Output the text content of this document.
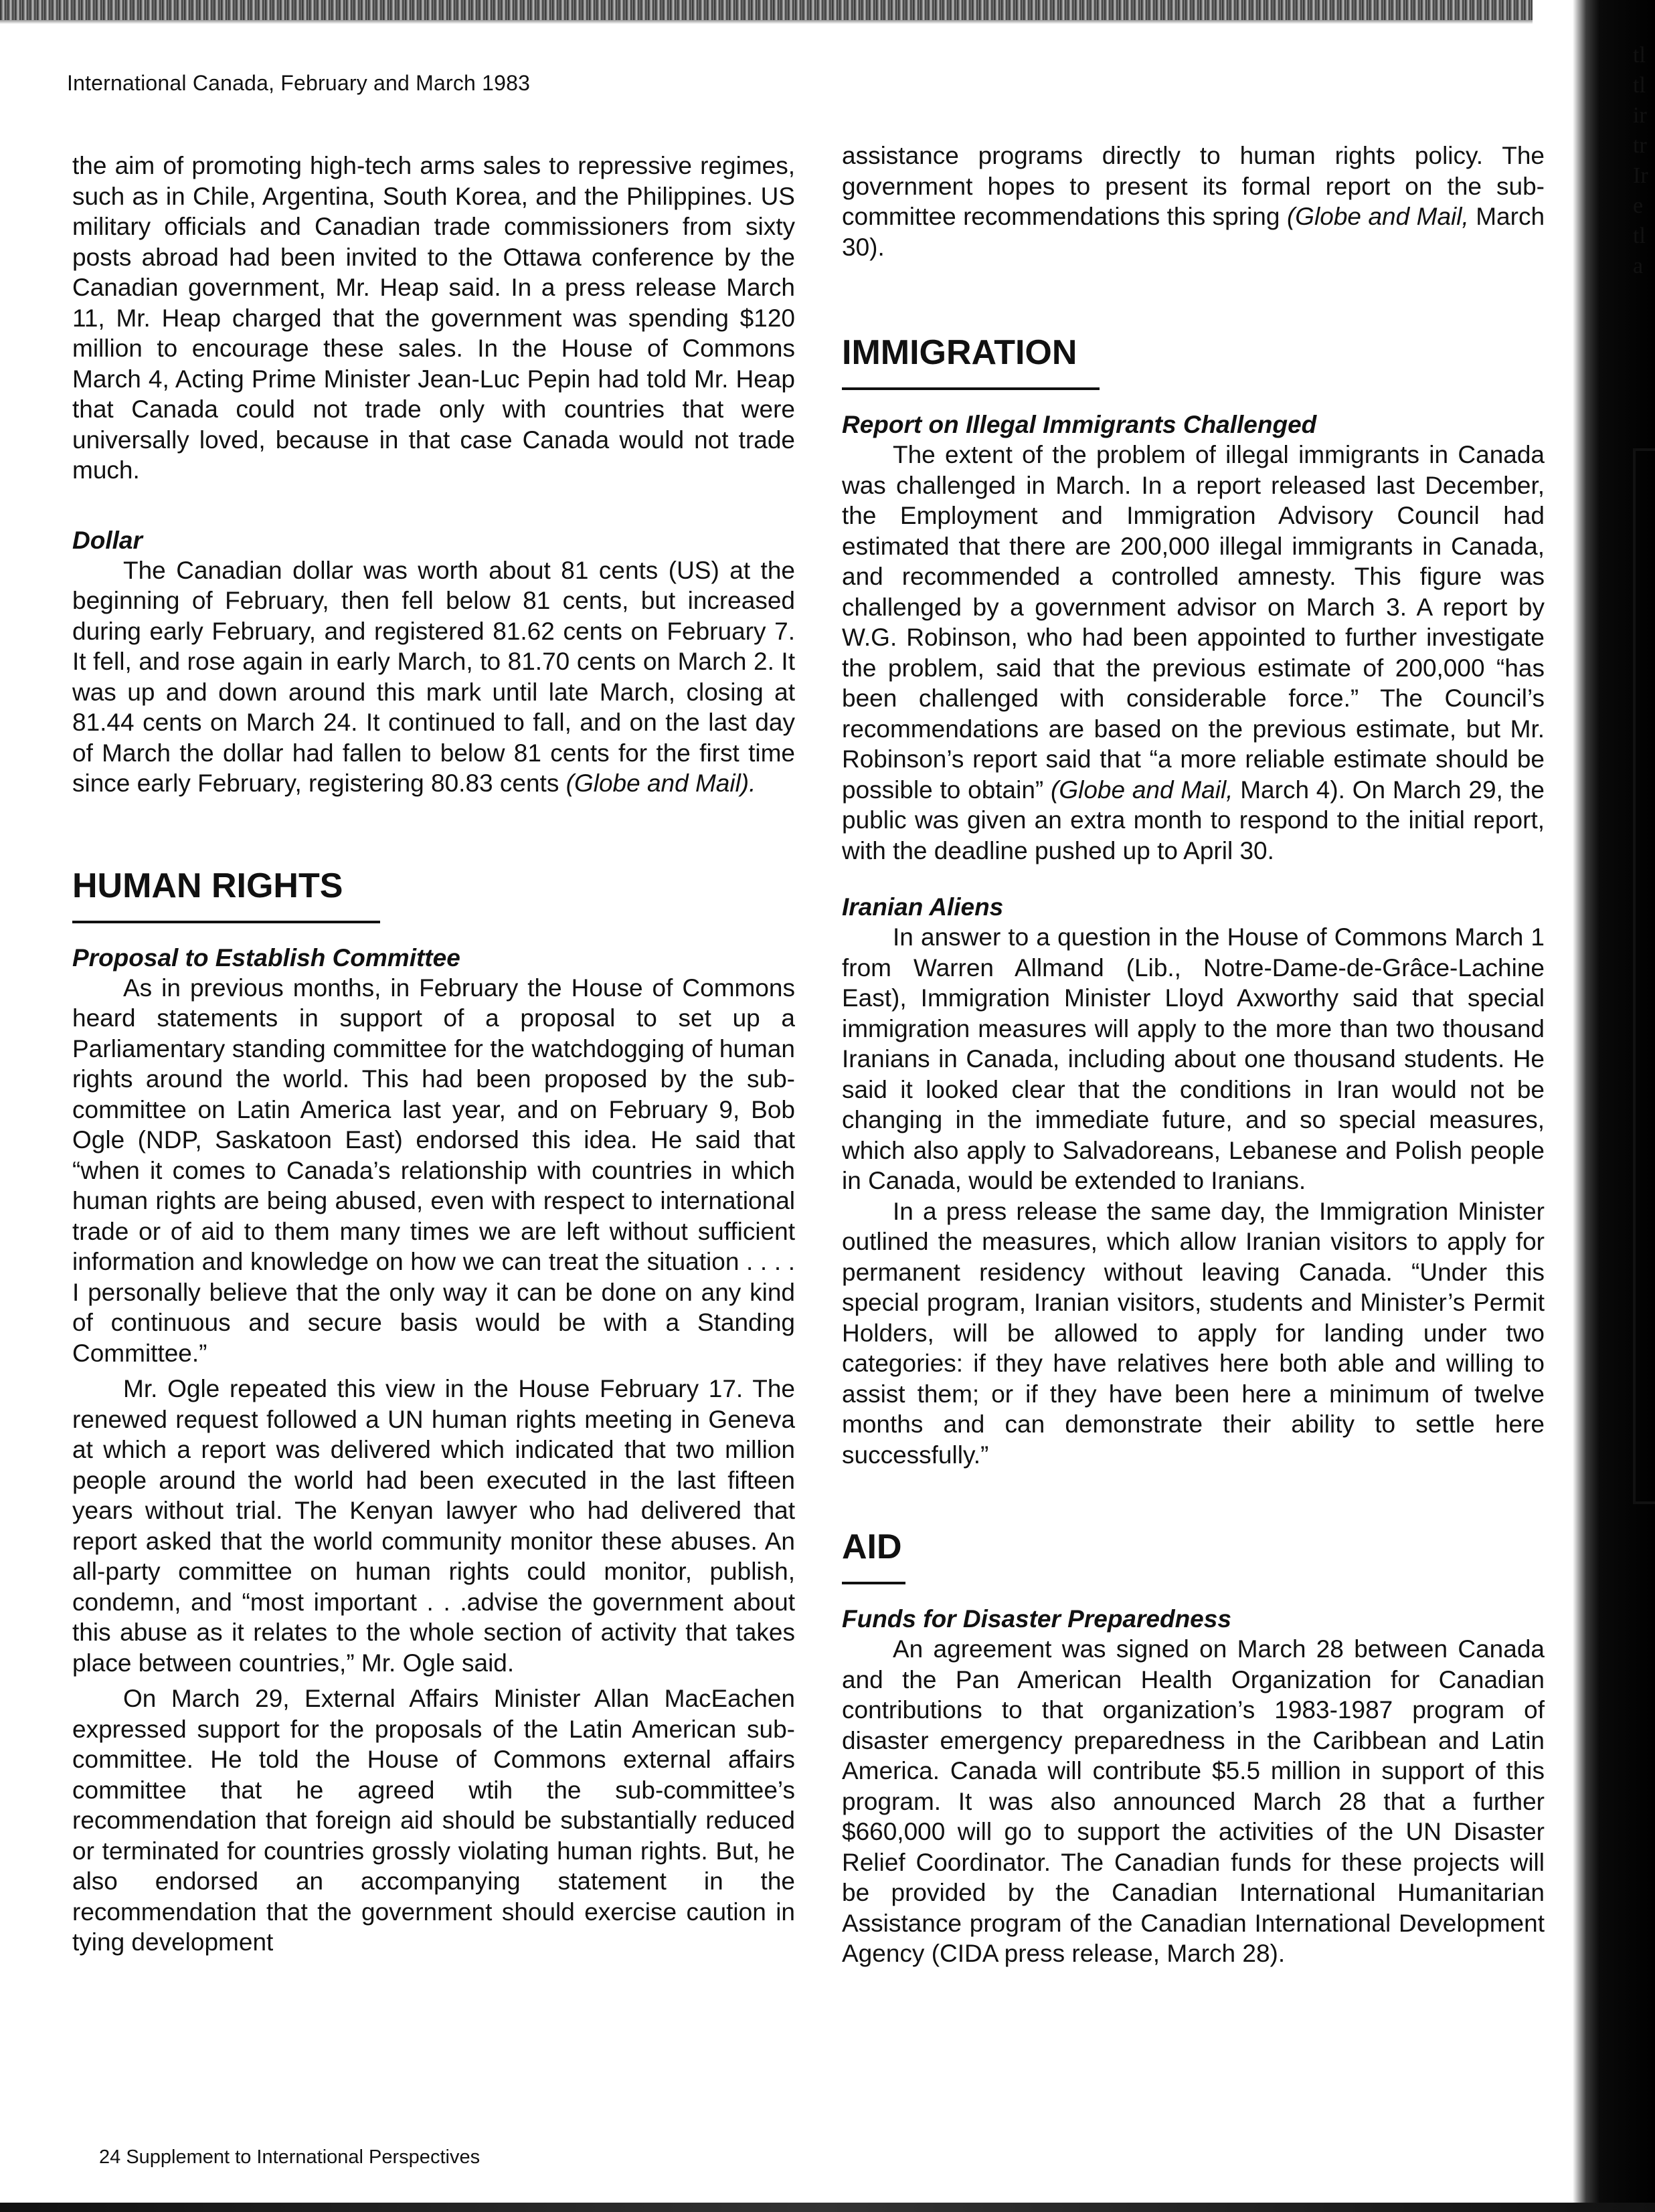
tl
tl
ir
tr
Ir
e
tl
a
International Canada, February and March 1983

the aim of promoting high-tech arms sales to repressive regimes, such as in Chile, Argentina, South Korea, and the Philippines. US military officials and Canadian trade commissioners from sixty posts abroad had been invited to the Ottawa conference by the Canadian government, Mr. Heap said. In a press release March 11, Mr. Heap charged that the government was spending $120 million to encourage these sales. In the House of Commons March 4, Acting Prime Minister Jean-Luc Pepin had told Mr. Heap that Canada could not trade only with countries that were universally loved, because in that case Canada would not trade much.

Dollar

The Canadian dollar was worth about 81 cents (US) at the beginning of February, then fell below 81 cents, but increased during early February, and registered 81.62 cents on February 7. It fell, and rose again in early March, to 81.70 cents on March 2. It was up and down around this mark until late March, closing at 81.44 cents on March 24. It continued to fall, and on the last day of March the dollar had fallen to below 81 cents for the first time since early February, registering 80.83 cents (Globe and Mail).

HUMAN RIGHTS
Proposal to Establish Committee

As in previous months, in February the House of Commons heard statements in support of a proposal to set up a Parliamentary standing committee for the watchdogging of human rights around the world. This had been proposed by the sub-committee on Latin America last year, and on February 9, Bob Ogle (NDP, Saskatoon East) endorsed this idea. He said that “when it comes to Canada’s relationship with countries in which human rights are being abused, even with respect to international trade or of aid to them many times we are left without sufficient information and knowledge on how we can treat the situation . . . . I personally believe that the only way it can be done on any kind of continuous and secure basis would be with a Standing Committee.”

Mr. Ogle repeated this view in the House February 17. The renewed request followed a UN human rights meeting in Geneva at which a report was delivered which indicated that two million people around the world had been executed in the last fifteen years without trial. The Kenyan lawyer who had delivered that report asked that the world community monitor these abuses. An all-party committee on human rights could monitor, publish, condemn, and “most important . . .advise the government about this abuse as it relates to the whole section of activity that takes place between countries,” Mr. Ogle said.

On March 29, External Affairs Minister Allan MacEachen expressed support for the proposals of the Latin American sub-committee. He told the House of Commons external affairs committee that he agreed wtih the sub-committee’s recommendation that foreign aid should be substantially reduced or terminated for countries grossly violating human rights. But, he also endorsed an accompanying statement in the recommendation that the government should exercise caution in tying development

assistance programs directly to human rights policy. The government hopes to present its formal report on the sub-committee recommendations this spring (Globe and Mail, March 30).

IMMIGRATION
Report on Illegal Immigrants Challenged

The extent of the problem of illegal immigrants in Canada was challenged in March. In a report released last December, the Employment and Immigration Advisory Council had estimated that there are 200,000 illegal immigrants in Canada, and recommended a controlled amnesty. This figure was challenged by a government advisor on March 3. A report by W.G. Robinson, who had been appointed to further investigate the problem, said that the previous estimate of 200,000 “has been challenged with considerable force.” The Council’s recommendations are based on the previous estimate, but Mr. Robinson’s report said that “a more reliable estimate should be possible to obtain” (Globe and Mail, March 4). On March 29, the public was given an extra month to respond to the initial report, with the deadline pushed up to April 30.

Iranian Aliens

In answer to a question in the House of Commons March 1 from Warren Allmand (Lib., Notre-Dame-de-Grâce-Lachine East), Immigration Minister Lloyd Axworthy said that special immigration measures will apply to the more than two thousand Iranians in Canada, including about one thousand students. He said it looked clear that the conditions in Iran would not be changing in the immediate future, and so special measures, which also apply to Salvadoreans, Lebanese and Polish people in Canada, would be extended to Iranians.

In a press release the same day, the Immigration Minister outlined the measures, which allow Iranian visitors to apply for permanent residency without leaving Canada. “Under this special program, Iranian visitors, students and Minister’s Permit Holders, will be allowed to apply for landing under two categories: if they have relatives here both able and willing to assist them; or if they have been here a minimum of twelve months and can demonstrate their ability to settle here successfully.”

AID
Funds for Disaster Preparedness

An agreement was signed on March 28 between Canada and the Pan American Health Organization for Canadian contributions to that organization’s 1983-1987 program of disaster emergency preparedness in the Caribbean and Latin America. Canada will contribute $5.5 million in support of this program. It was also announced March 28 that a further $660,000 will go to support the activities of the UN Disaster Relief Coordinator. The Canadian funds for these projects will be provided by the Canadian International Humanitarian Assistance program of the Canadian International Development Agency (CIDA press release, March 28).

24 Supplement to International Perspectives
